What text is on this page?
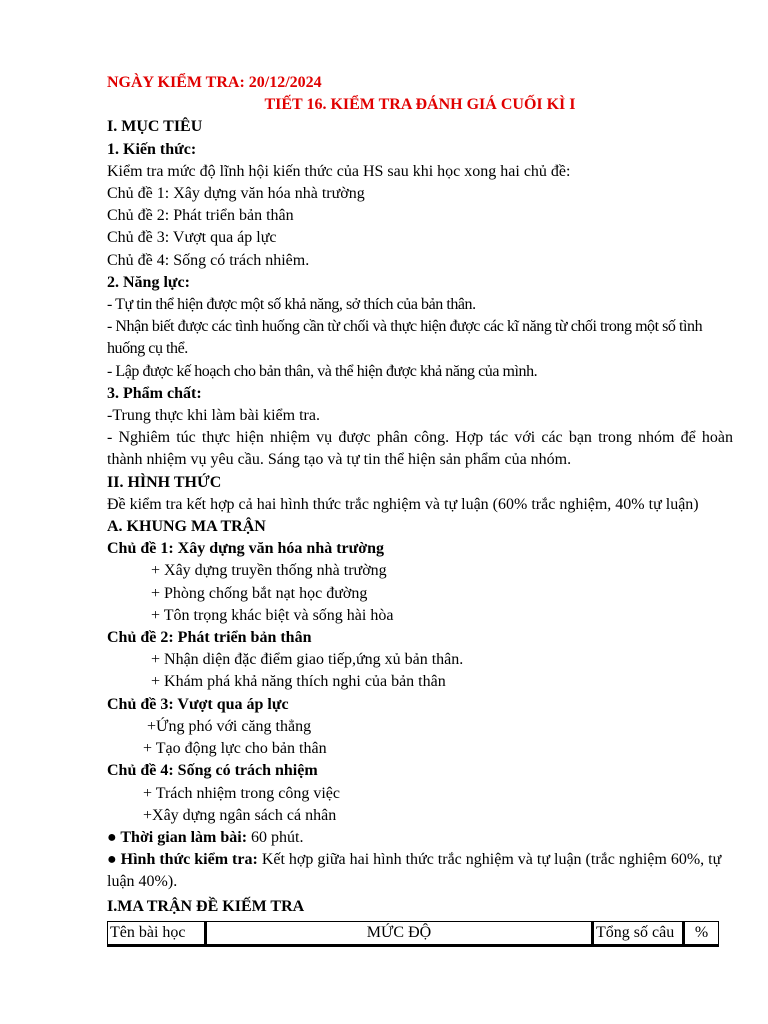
NGÀY KIỂM TRA: 20/12/2024

TIẾT 16. KIỂM TRA ĐÁNH GIÁ CUỐI KÌ I

I. MỤC TIÊU

1. Kiến thức:

Kiểm tra mức độ lĩnh hội kiến thức của HS sau khi học xong hai chủ đề:

Chủ đề 1: Xây dựng văn hóa nhà trường

Chủ đề 2: Phát triển bản thân

Chủ đề 3: Vượt qua áp lực

Chủ đề 4: Sống có trách nhiêm.

2. Năng lực:

- Tự tin thể hiện được một số khả năng, sở thích của bản thân.

- Nhận biết được các tình huống cần từ chối và thực hiện được các kĩ năng từ chối trong một số tình huống cụ thể.

- Lập được kế hoạch cho bản thân, và thể hiện được khả năng của mình.

3. Phẩm chất:

-Trung thực khi làm bài kiểm tra.

- Nghiêm túc thực hiện nhiệm vụ được phân công. Hợp tác với các bạn trong nhóm để hoàn thành nhiệm vụ yêu cầu. Sáng tạo và tự tin thể hiện sản phẩm của nhóm.

II. HÌNH THỨC

Đề kiểm tra kết hợp cả hai hình thức trắc nghiệm và tự luận (60% trắc nghiệm, 40% tự luận)

A. KHUNG MA TRẬN

Chủ đề 1: Xây dựng văn hóa nhà trường

+ Xây dựng truyền thống nhà trường

+ Phòng chống bắt nạt học đường

+ Tôn trọng khác biệt và sống hài hòa

Chủ đề 2: Phát triển bản thân

+ Nhận diện đặc điểm giao tiếp,ứng xủ bản thân.

+ Khám phá khả năng thích nghi của bản thân

Chủ đề 3: Vượt qua áp lực

+Ứng phó với căng thẳng

+ Tạo động lực cho bản thân

Chủ đề 4: Sống có trách nhiệm

+ Trách nhiệm trong công việc

+Xây dựng ngân sách cá nhân

● Thời gian làm bài: 60 phút.

● Hình thức kiểm tra: Kết hợp giữa hai hình thức trắc nghiệm và tự luận (trắc nghiệm 60%, tự luận 40%).

I.MA TRẬN ĐỀ KIẾM TRA

Tên bài học	MỨC ĐỘ	Tổng số câu	%
